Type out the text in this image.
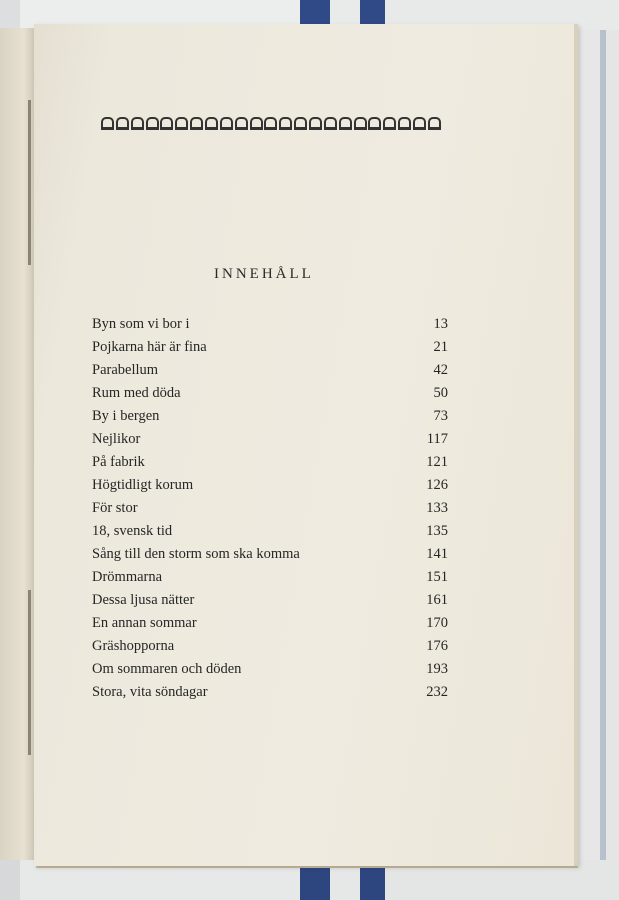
INNEHÅLL
Byn som vi bor i	13
Pojkarna här är fina	21
Parabellum	42
Rum med döda	50
By i bergen	73
Nejlikor	117
På fabrik	121
Högtidligt korum	126
För stor	133
18, svensk tid	135
Sång till den storm som ska komma	141
Drömmarna	151
Dessa ljusa nätter	161
En annan sommar	170
Gräshopporna	176
Om sommaren och döden	193
Stora, vita söndagar	232
